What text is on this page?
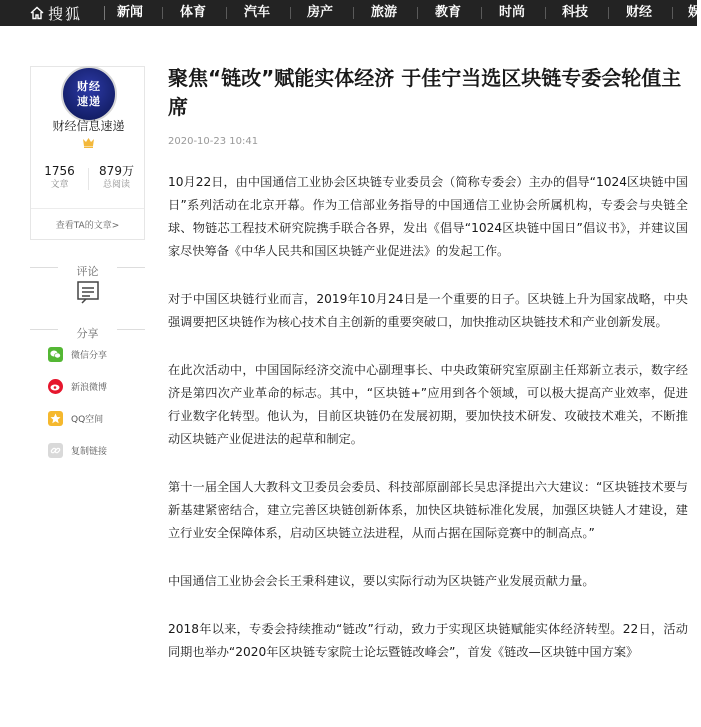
搜狐	新闻	体育	汽车	房产	旅游	教育	时尚	科技	财经	娱
财经
速递
财经信息速递
1756
文章
879万
总阅读
查看TA的文章>
评论
分享
微信分享
新浪微博
QQ空间
复制链接
聚焦“链改”赋能实体经济 于佳宁当选区块链专委会轮值主席
2020-10-23 10:41

10月22日，由中国通信工业协会区块链专业委员会（简称专委会）主办的倡导“1024区块链中国日”系列活动在北京开幕。作为工信部业务指导的中国通信工业协会所属机构，专委会与央链全球、物链芯工程技术研究院携手联合各界，发出《倡导“1024区块链中国日”倡议书》，并建议国家尽快筹备《中华人民共和国区块链产业促进法》的发起工作。

对于中国区块链行业而言，2019年10月24日是一个重要的日子。区块链上升为国家战略，中央强调要把区块链作为核心技术自主创新的重要突破口，加快推动区块链技术和产业创新发展。

在此次活动中，中国国际经济交流中心副理事长、中央政策研究室原副主任郑新立表示，数字经济是第四次产业革命的标志。其中，“区块链+”应用到各个领域，可以极大提高产业效率，促进行业数字化转型。他认为，目前区块链仍在发展初期，要加快技术研发、攻破技术难关，不断推动区块链产业促进法的起草和制定。

第十一届全国人大教科文卫委员会委员、科技部原副部长吴忠泽提出六大建议：“区块链技术要与新基建紧密结合，建立完善区块链创新体系，加快区块链标准化发展，加强区块链人才建设，建立行业安全保障体系，启动区块链立法进程，从而占据在国际竞赛中的制高点。”

中国通信工业协会会长王秉科建议，要以实际行动为区块链产业发展贡献力量。

2018年以来，专委会持续推动“链改”行动，致力于实现区块链赋能实体经济转型。22日，活动同期也举办“2020年区块链专家院士论坛暨链改峰会”，首发《链改—区块链中国方案》
